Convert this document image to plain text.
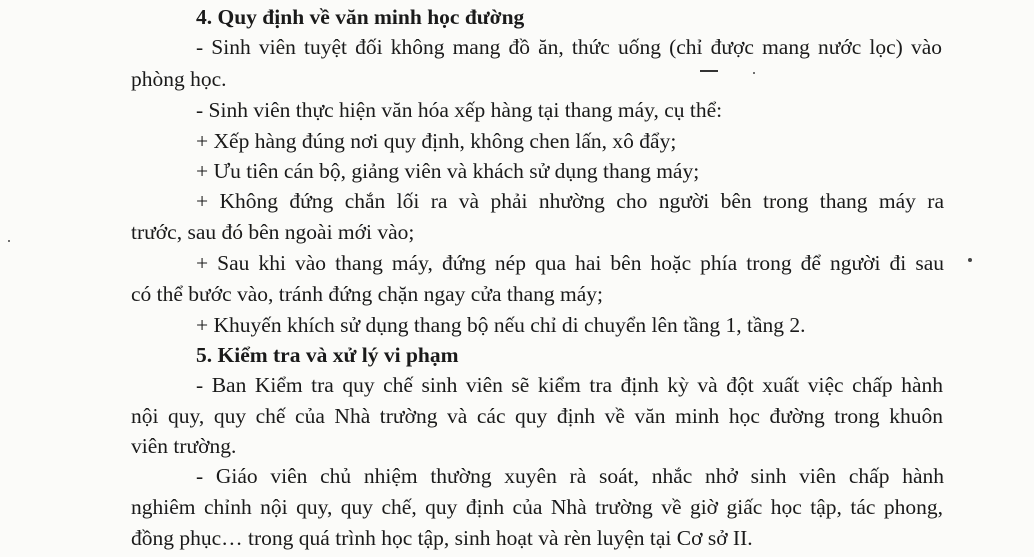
4. Quy định về văn minh học đường
- Sinh viên tuyệt đối không mang đồ ăn, thức uống (chỉ được mang nước lọc) vào
phòng học.
- Sinh viên thực hiện văn hóa xếp hàng tại thang máy, cụ thể:
+ Xếp hàng đúng nơi quy định, không chen lấn, xô đẩy;
+ Ưu tiên cán bộ, giảng viên và khách sử dụng thang máy;
+ Không đứng chắn lối ra và phải nhường cho người bên trong thang máy ra
trước, sau đó bên ngoài mới vào;
+ Sau khi vào thang máy, đứng nép qua hai bên hoặc phía trong để người đi sau
có thể bước vào, tránh đứng chặn ngay cửa thang máy;
+ Khuyến khích sử dụng thang bộ nếu chỉ di chuyển lên tầng 1, tầng 2.
5. Kiểm tra và xử lý vi phạm
- Ban Kiểm tra quy chế sinh viên sẽ kiểm tra định kỳ và đột xuất việc chấp hành
nội quy, quy chế của Nhà trường và các quy định về văn minh học đường trong khuôn
viên trường.
- Giáo viên chủ nhiệm thường xuyên rà soát, nhắc nhở sinh viên chấp hành
nghiêm chỉnh nội quy, quy chế, quy định của Nhà trường về giờ giấc học tập, tác phong,
đồng phục… trong quá trình học tập, sinh hoạt và rèn luyện tại Cơ sở II.
